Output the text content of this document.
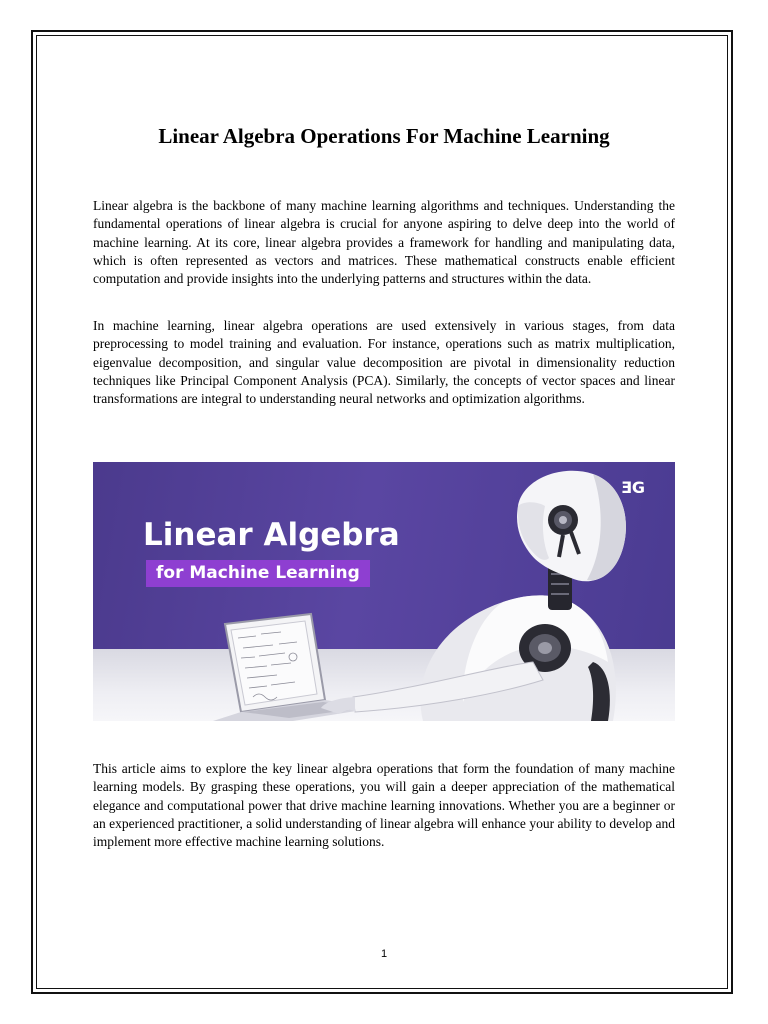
Linear Algebra Operations For Machine Learning

Linear algebra is the backbone of many machine learning algorithms and techniques. Understanding the fundamental operations of linear algebra is crucial for anyone aspiring to delve deep into the world of machine learning. At its core, linear algebra provides a framework for handling and manipulating data, which is often represented as vectors and matrices. These mathematical constructs enable efficient computation and provide insights into the underlying patterns and structures within the data.

In machine learning, linear algebra operations are used extensively in various stages, from data preprocessing to model training and evaluation. For instance, operations such as matrix multiplication, eigenvalue decomposition, and singular value decomposition are pivotal in dimensionality reduction techniques like Principal Component Analysis (PCA). Similarly, the concepts of vector spaces and linear transformations are integral to understanding neural networks and optimization algorithms.

Linear Algebra
for Machine Learning
ƎG

This article aims to explore the key linear algebra operations that form the foundation of many machine learning models. By grasping these operations, you will gain a deeper appreciation of the mathematical elegance and computational power that drive machine learning innovations. Whether you are a beginner or an experienced practitioner, a solid understanding of linear algebra will enhance your ability to develop and implement more effective machine learning solutions.

1
